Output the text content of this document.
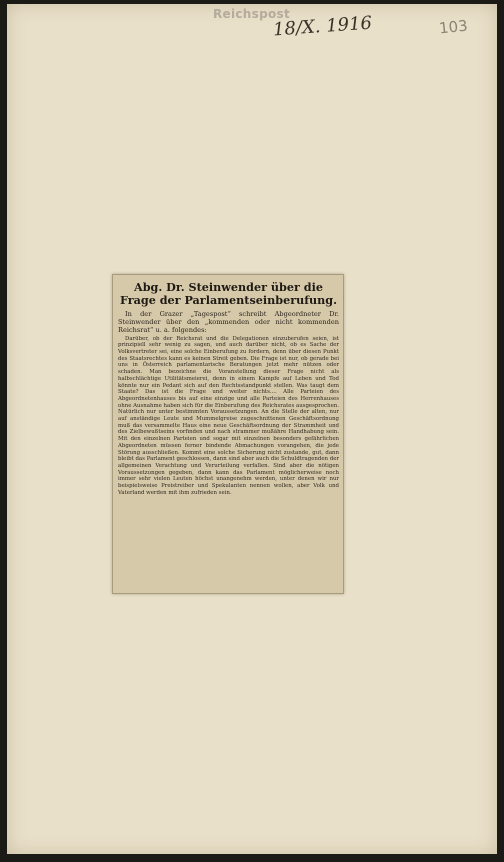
Reichspost
18/X. 1916	103
Abg. Dr. Steinwender über die Frage der Parlamentseinberufung.

In der Grazer „Tagespost“ schreibt Abgeordneter Dr. Steinwender über den „kommenden oder nicht kommenden Reichsrat“ u. a. folgendes:

Darüber, ob der Reichsrat und die Delegationen einzuberufen seien, ist prinzipiell sehr wenig zu sagen, und auch darüber nicht, ob es Sache der Volksvertreter sei, eine solche Einberufung zu fordern, denn über diesen Punkt des Staatsrechtes kann es keinen Streit geben. Die Frage ist nur, ob gerade bei uns in Österreich parlamentarische Beratungen jetzt mehr nützen oder schaden. Man bezeichne die Voranstellung dieser Frage nicht als halbschlächtige Utilitätsmeierei, denn in einem Kampfe auf Leben und Tod könnte nur ein Pedant sich auf den Rechtsstandpunkt stellen. Was taugt dem Staate? Das ist die Frage und weiter nichts.... Alle Parteien des Abgeordnetenhauses bis auf eine einzige und alle Parteien des Herrenhauses ohne Ausnahme haben sich für die Einberufung des Reichsrates ausgesprochen. Natürlich nur unter bestimmten Voraussetzungen. An die Stelle der alten, nur auf anständige Leute und Mummelgreise zugeschnittenen Geschäftsordnung muß das versammelte Haus eine neue Geschäftsordnung der Strammheit und des Zielbewußtseins vorfinden und nach strammer mußähre Handhabung sein. Mit den einzelnen Parteien und sogar mit einzelnen besonders gefährlichen Abgeordneten müssen ferner bindende Abmachungen vorangehen, die jede Störung ausschließen. Kommt eine solche Sicherung nicht zustande, gut, dann bleibt das Parlament geschlossen, dann sind aber auch die Schuldtragenden der allgemeinen Verachtung und Verurteilung verfallen. Sind aber die nötigen Voraussetzungen gegeben, dann kann das Parlament möglicherweise noch immer sehr vielen Leuten höchst unangenehm werden, unter denen wir nur beispielsweise Preistreiber und Spekulanten nennen wollen, aber Volk und Vaterland werden mit ihm zufrieden sein.
